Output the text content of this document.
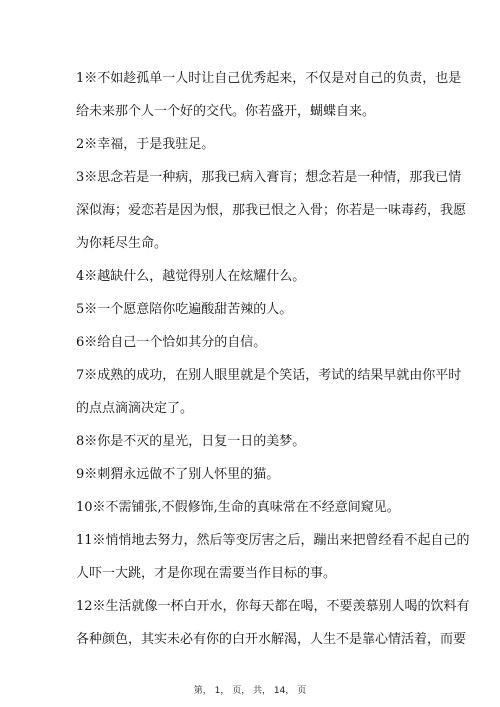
1※不如趁孤单一人时让自己优秀起来，不仅是对自己的负责，也是
给未来那个人一个好的交代。你若盛开，蝴蝶自来。
2※幸福，于是我驻足。
3※思念若是一种病，那我已病入膏肓；想念若是一种情，那我已情
深似海；爱恋若是因为恨，那我已恨之入骨；你若是一味毒药，我愿
为你耗尽生命。
4※越缺什么，越觉得别人在炫耀什么。
5※一个愿意陪你吃遍酸甜苦辣的人。
6※给自己一个恰如其分的自信。
7※成熟的成功，在别人眼里就是个笑话，考试的结果早就由你平时
的点点滴滴决定了。
8※你是不灭的星光，日复一日的美梦。
9※刺猬永远做不了别人怀里的猫。
10※不需铺张,不假修饰,生命的真味常在不经意间窥见。
11※悄悄地去努力，然后等变厉害之后，蹦出来把曾经看不起自己的
人吓一大跳，才是你现在需要当作目标的事。
12※生活就像一杯白开水，你每天都在喝，不要羡慕别人喝的饮料有
各种颜色，其实未必有你的白开水解渴，人生不是靠心情活着，而要
第， 1， 页， 共， 14， 页
